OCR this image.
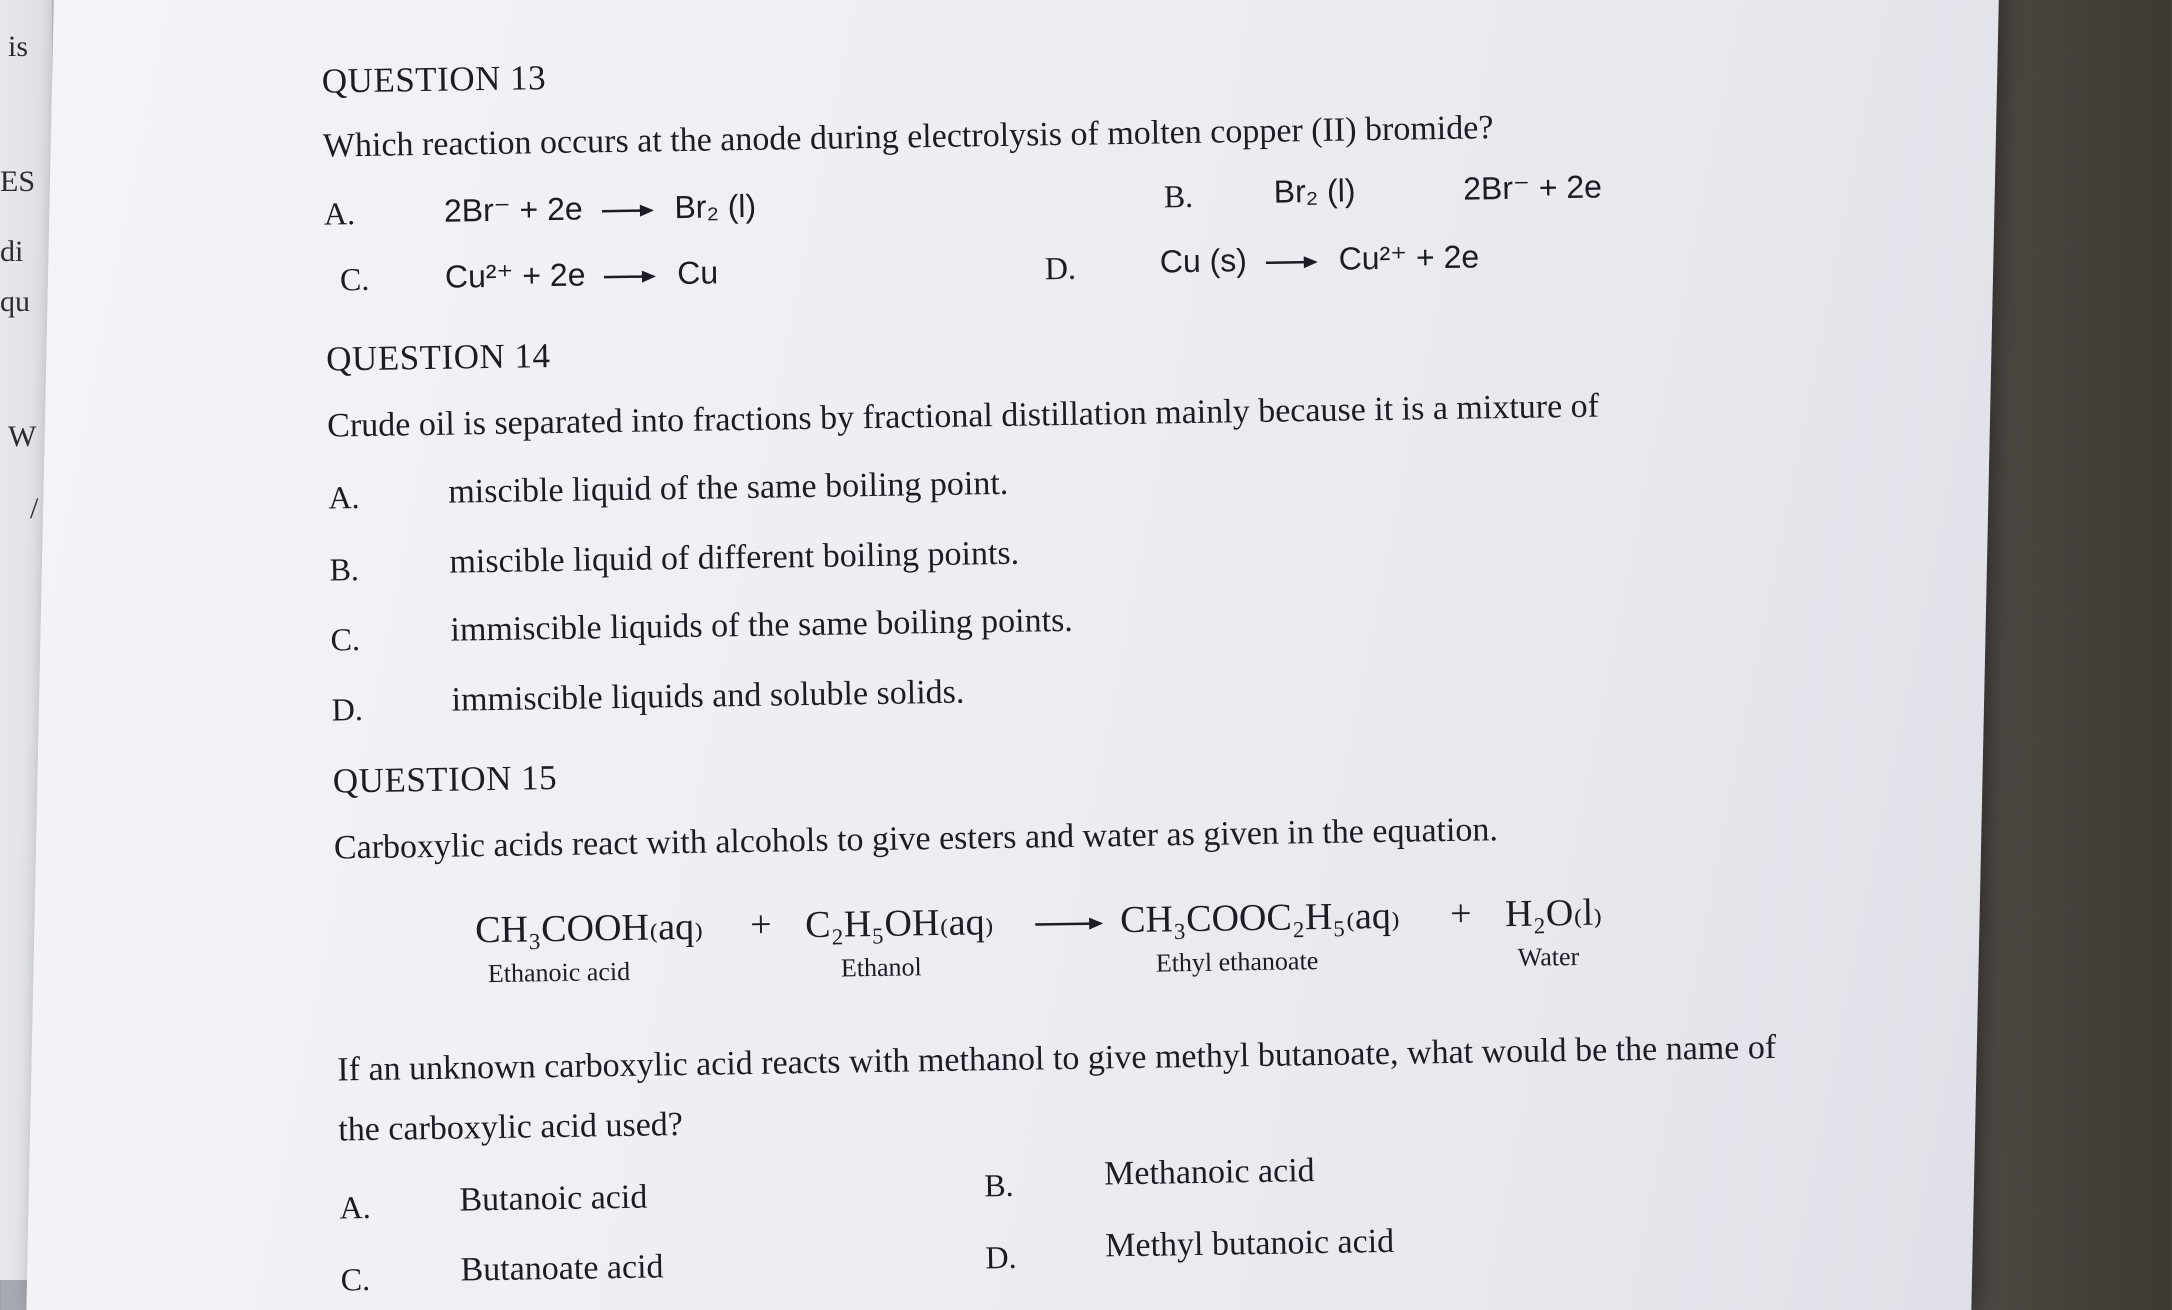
is
ES
di
qu
W
/
QUESTION 13
Which reaction occurs at the anode during electrolysis of molten copper (II) bromide?
A.	2Br⁻ + 2e	Br₂ (l)	B.	Br₂ (l)	2Br⁻ + 2e
C. Cu²⁺ + 2e	Cu	D.	Cu (s)	Cu²⁺ + 2e
QUESTION 14
Crude oil is separated into fractions by fractional distillation mainly because it is a mixture of
A.	miscible liquid of the same boiling point.
B.	miscible liquid of different boiling points.
C.	immiscible liquids of the same boiling points.
D.	immiscible liquids and soluble solids.
QUESTION 15
Carboxylic acids react with alcohols to give esters and water as given in the equation.
CH₃COOH₍aq₎
Ethanoic acid
+ C₂H₅OH₍aq₎
Ethanol
CH₃COOC₂H₅₍aq₎
Ethyl ethanoate
+ H₂O₍l₎
Water
If an unknown carboxylic acid reacts with methanol to give methyl butanoate, what would be the name of
the carboxylic acid used?
A.	Butanoic acid	B.	Methanoic acid
C.	Butanoate acid	D.	Methyl butanoic acid
